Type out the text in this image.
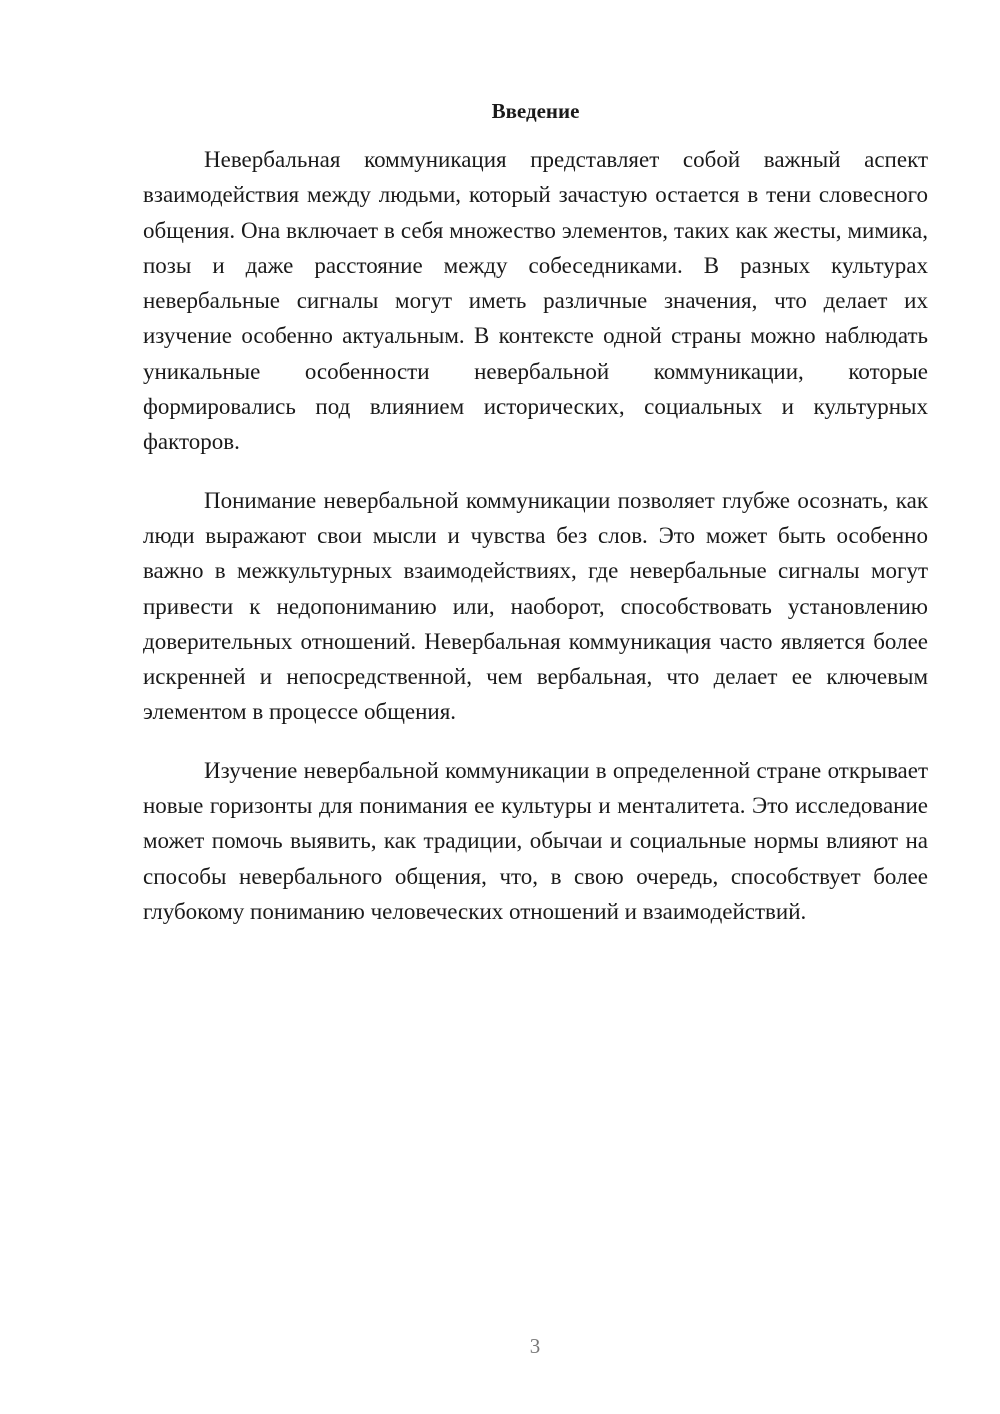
Введение

Невербальная коммуникация представляет собой важный аспект взаимодействия между людьми, который зачастую остается в тени словесного общения. Она включает в себя множество элементов, таких как жесты, мимика, позы и даже расстояние между собеседниками. В разных культурах невербальные сигналы могут иметь различные значения, что делает их изучение особенно актуальным. В контексте одной страны можно наблюдать уникальные особенности невербальной коммуникации, которые формировались под влиянием исторических, социальных и культурных факторов.

Понимание невербальной коммуникации позволяет глубже осознать, как люди выражают свои мысли и чувства без слов. Это может быть особенно важно в межкультурных взаимодействиях, где невербальные сигналы могут привести к недопониманию или, наоборот, способствовать установлению доверительных отношений. Невербальная коммуникация часто является более искренней и непосредственной, чем вербальная, что делает ее ключевым элементом в процессе общения.

Изучение невербальной коммуникации в определенной стране открывает новые горизонты для понимания ее культуры и менталитета. Это исследование может помочь выявить, как традиции, обычаи и социальные нормы влияют на способы невербального общения, что, в свою очередь, способствует более глубокому пониманию человеческих отношений и взаимодействий.

3
